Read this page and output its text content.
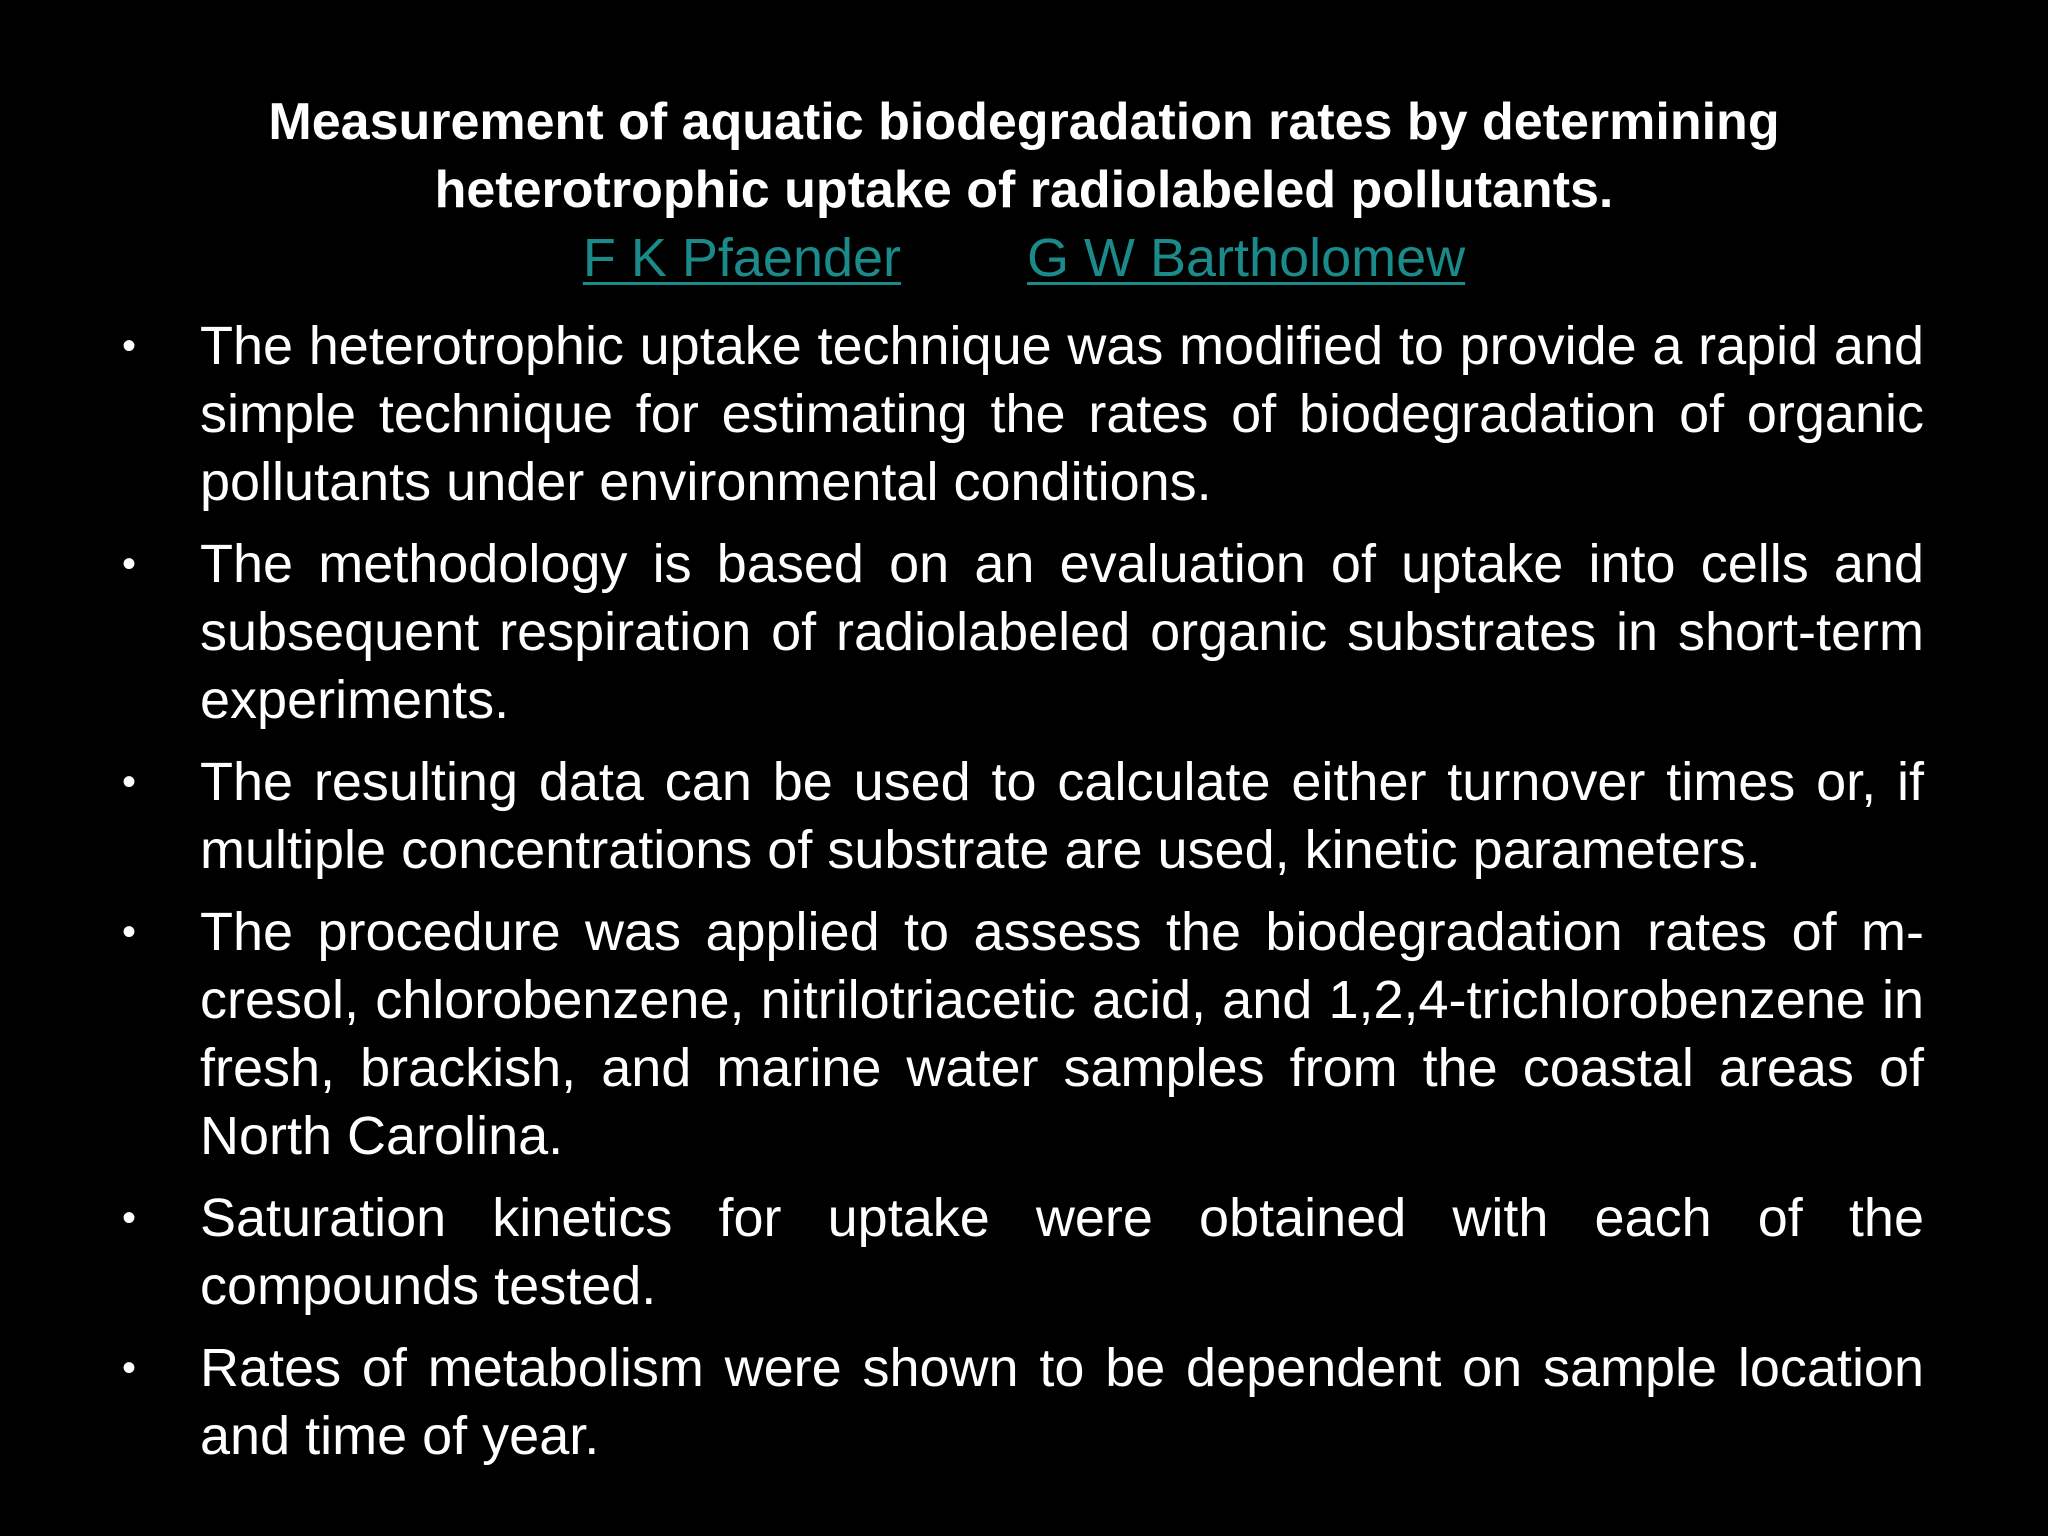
Measurement of aquatic biodegradation rates by determining
heterotrophic uptake of radiolabeled pollutants.
F K Pfaender G W Bartholomew
• The heterotrophic uptake technique was modified to provide a rapid and simple technique for estimating the rates of biodegradation of organic pollutants under environmental conditions.
• The methodology is based on an evaluation of uptake into cells and subsequent respiration of radiolabeled organic substrates in short-term experiments.
• The resulting data can be used to calculate either turnover times or, if multiple concentrations of substrate are used, kinetic parameters.
• The procedure was applied to assess the biodegradation rates of m-cresol, chlorobenzene, nitrilotriacetic acid, and 1,2,4-trichlorobenzene in fresh, brackish, and marine water samples from the coastal areas of North Carolina.
• Saturation kinetics for uptake were obtained with each of the compounds tested.
• Rates of metabolism were shown to be dependent on sample location and time of year.
